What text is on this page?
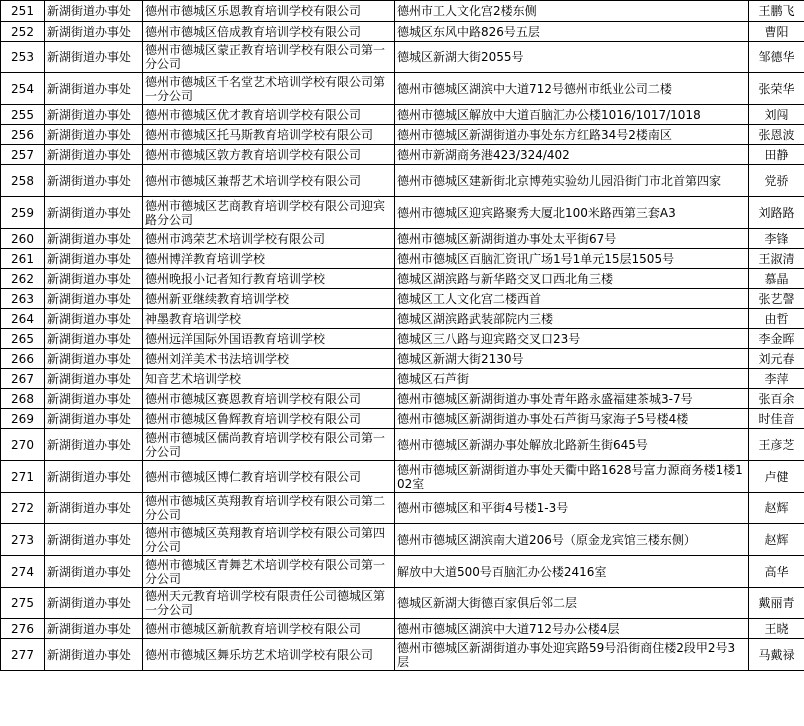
251	新湖街道办事处	德州市德城区乐恩教育培训学校有限公司	德州市工人文化宫2楼东侧	王鹏飞
252	新湖街道办事处	德州市德城区倍成教育培训学校有限公司	德城区东风中路826号五层	曹阳
253	新湖街道办事处	德州市德城区蒙正教育培训学校有限公司第一分公司	德城区新湖大街2055号	邹德华
254	新湖街道办事处	德州市德城区千名堂艺术培训学校有限公司第一分公司	德州市德城区湖滨中大道712号德州市纸业公司二楼	张荣华
255	新湖街道办事处	德州市德城区优才教育培训学校有限公司	德州市德城区解放中大道百脑汇办公楼1016/1017/1018	刘闯
256	新湖街道办事处	德州市德城区托马斯教育培训学校有限公司	德州市德城区新湖街道办事处东方红路34号2楼南区	张恩波
257	新湖街道办事处	德州市德城区敦方教育培训学校有限公司	德州市新湖商务港423/324/402	田静
258	新湖街道办事处	德州市德城区兼帮艺术培训学校有限公司	德州市德城区建新街北京博苑实验幼儿园沿街门市北首第四家	党骄
259	新湖街道办事处	德州市德城区艺商教育培训学校有限公司迎宾路分公司	德州市德城区迎宾路聚秀大厦北100米路西第三套A3	刘路路
260	新湖街道办事处	德州市鸿荣艺术培训学校有限公司	德州市德城区新湖街道办事处太平街67号	李锋
261	新湖街道办事处	德州博洋教育培训学校	德州市德城区百脑汇资讯广场1号1单元15层1505号	王淑清
262	新湖街道办事处	德州晚报小记者知行教育培训学校	德城区湖滨路与新华路交叉口西北角三楼	慕晶
263	新湖街道办事处	德州新亚继续教育培训学校	德城区工人文化宫二楼西首	张艺謦
264	新湖街道办事处	神墨教育培训学校	德城区湖滨路武装部院内三楼	由哲
265	新湖街道办事处	德州远洋国际外国语教育培训学校	德城区三八路与迎宾路交叉口23号	李金晖
266	新湖街道办事处	德州刘洋美术书法培训学校	德城区新湖大街2130号	刘元春
267	新湖街道办事处	知音艺术培训学校	德城区石芦街	李萍
268	新湖街道办事处	德州市德城区赛恩教育培训学校有限公司	德州市德城区新湖街道办事处青年路永盛福建茶城3-7号	张百余
269	新湖街道办事处	德州市德城区鲁辉教育培训学校有限公司	德州市德城区新湖街道办事处石芦街马家海子5号楼4楼	时佳音
270	新湖街道办事处	德州市德城区儒尚教育培训学校有限公司第一分公司	德州市德城区新湖办事处解放北路新生街645号	王彦芝
271	新湖街道办事处	德州市德城区博仁教育培训学校有限公司	德州市德城区新湖街道办事处天衢中路1628号富力源商务楼1楼102室	卢健
272	新湖街道办事处	德州市德城区英翔教育培训学校有限公司第二分公司	德州市德城区和平街4号楼1-3号	赵辉
273	新湖街道办事处	德州市德城区英翔教育培训学校有限公司第四分公司	德州市德城区湖滨南大道206号（原金龙宾馆三楼东侧）	赵辉
274	新湖街道办事处	德州市德城区青舞艺术培训学校有限公司第一分公司	解放中大道500号百脑汇办公楼2416室	高华
275	新湖街道办事处	德州天元教育培训学校有限责任公司德城区第一分公司	德城区新湖大街德百家俱后邻二层	戴丽青
276	新湖街道办事处	德州市德城区新航教育培训学校有限公司	德州市德城区湖滨中大道712号办公楼4层	王晓
277	新湖街道办事处	德州市德城区舞乐坊艺术培训学校有限公司	德州市德城区新湖街道办事处迎宾路59号沿街商住楼2段甲2号3层	马戴禄
